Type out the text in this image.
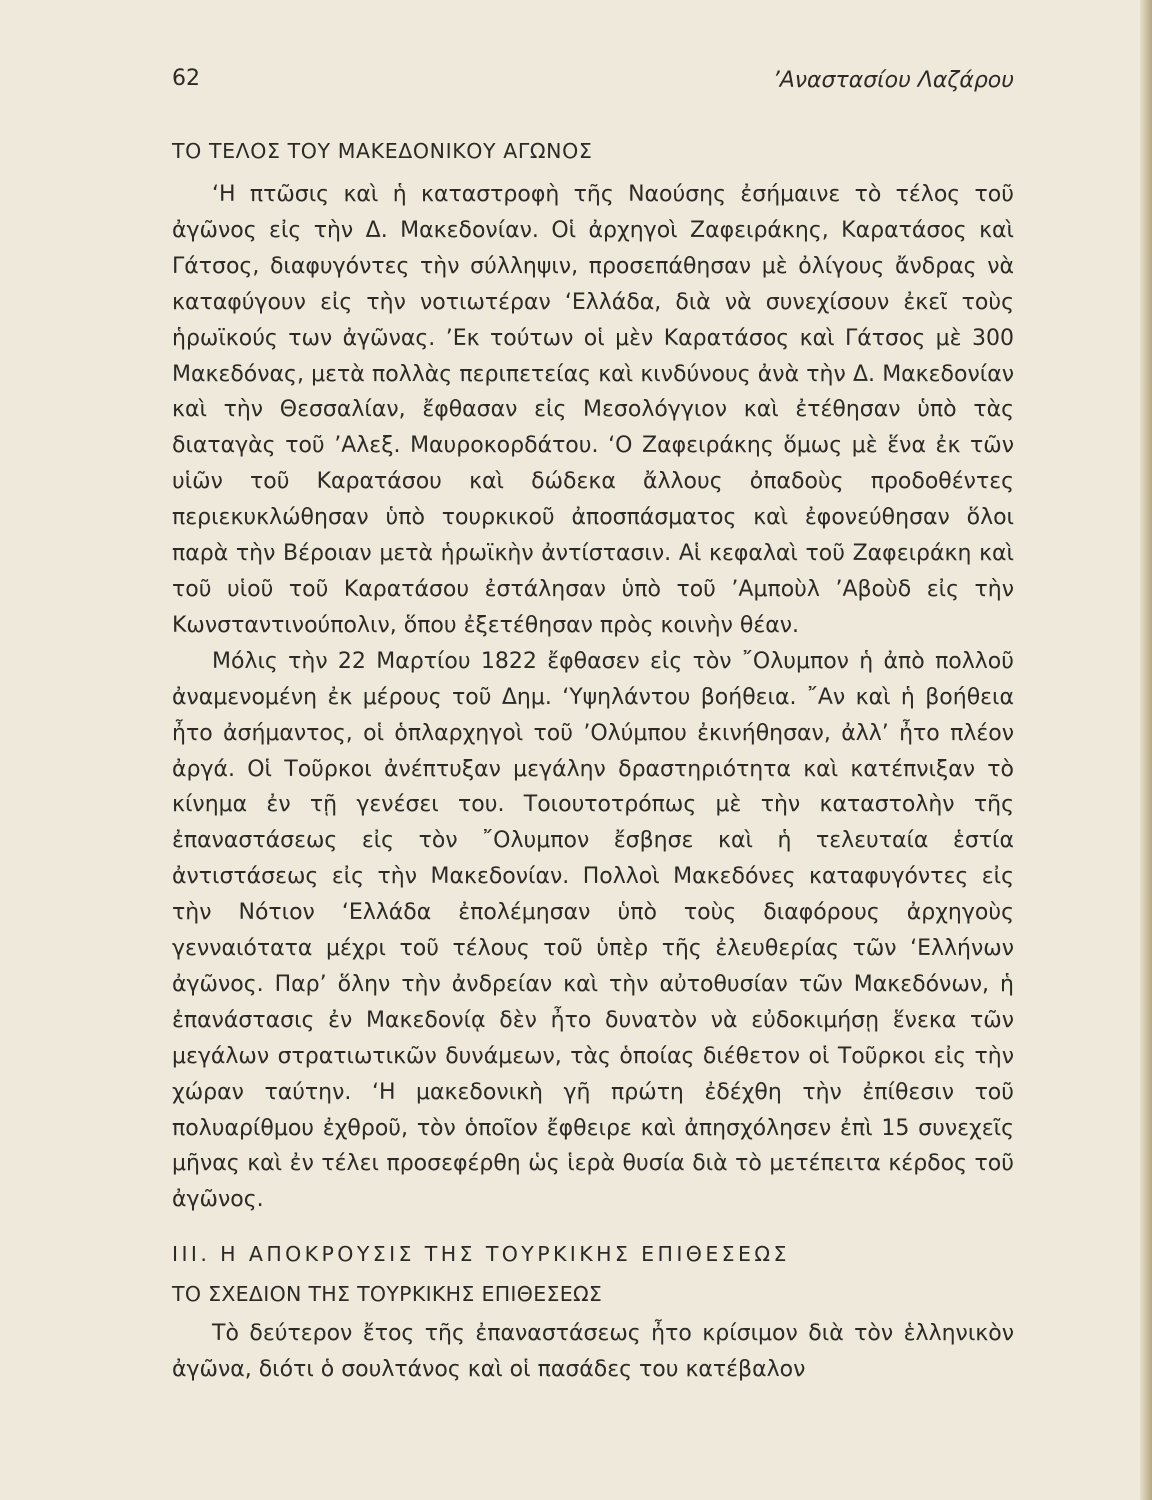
62	’Αναστασίου Λαζάρου
ΤΟ ΤΕΛΟΣ ΤΟΥ ΜΑΚΕΔΟΝΙΚΟΥ ΑΓΩΝΟΣ

‘Η πτῶσις καὶ ἡ καταστροφὴ τῆς Ναούσης ἐσήμαινε τὸ τέλος τοῦ ἀγῶνος εἰς τὴν Δ. Μακεδονίαν. Οἱ ἀρχηγοὶ Ζαφειράκης, Καρατάσος καὶ Γάτσος, διαφυγόντες τὴν σύλληψιν, προσεπάθησαν μὲ ὀλίγους ἄνδρας νὰ καταφύγουν εἰς τὴν νοτιωτέραν ‘Ελλάδα, διὰ νὰ συνεχίσουν ἐκεῖ τοὺς ἡρωϊκούς των ἀγῶνας. ’Εκ τούτων οἱ μὲν Καρατάσος καὶ Γάτσος μὲ 300 Μακεδόνας, μετὰ πολλὰς περιπετείας καὶ κινδύνους ἀνὰ τὴν Δ. Μακεδονίαν καὶ τὴν Θεσσαλίαν, ἔφθασαν εἰς Μεσολόγγιον καὶ ἐτέθησαν ὑπὸ τὰς διαταγὰς τοῦ ’Αλεξ. Μαυροκορδάτου. ‘Ο Ζαφειράκης ὅμως μὲ ἕνα ἐκ τῶν υἱῶν τοῦ Καρατάσου καὶ δώδεκα ἄλλους ὀπαδοὺς προδοθέντες περιεκυκλώθησαν ὑπὸ τουρκικοῦ ἀποσπάσματος καὶ ἐφονεύθησαν ὅλοι παρὰ τὴν Βέροιαν μετὰ ἡρωϊκὴν ἀντίστασιν. Αἱ κεφαλαὶ τοῦ Ζαφειράκη καὶ τοῦ υἱοῦ τοῦ Καρατάσου ἐστάλησαν ὑπὸ τοῦ ’Αμποὺλ ’Αβοὺδ εἰς τὴν Κωνσταντινούπολιν, ὅπου ἐξετέθησαν πρὸς κοινὴν θέαν.

Μόλις τὴν 22 Μαρτίου 1822 ἔφθασεν εἰς τὸν ῎Ολυμπον ἡ ἀπὸ πολλοῦ ἀναμενομένη ἐκ μέρους τοῦ Δημ. ‘Υψηλάντου βοήθεια. ῎Αν καὶ ἡ βοήθεια ἦτο ἀσήμαντος, οἱ ὁπλαρχηγοὶ τοῦ ’Ολύμπου ἐκινήθησαν, ἀλλ’ ἦτο πλέον ἀργά. Οἱ Τοῦρκοι ἀνέπτυξαν μεγάλην δραστηριότητα καὶ κατέπνιξαν τὸ κίνημα ἐν τῇ γενέσει του. Τοιουτοτρόπως μὲ τὴν καταστολὴν τῆς ἐπαναστάσεως εἰς τὸν ῎Ολυμπον ἔσβησε καὶ ἡ τελευταία ἑστία ἀντιστάσεως εἰς τὴν Μακεδονίαν. Πολλοὶ Μακεδόνες καταφυγόντες εἰς τὴν Νότιον ‘Ελλάδα ἐπολέμησαν ὑπὸ τοὺς διαφόρους ἀρχηγοὺς γενναιότατα μέχρι τοῦ τέλους τοῦ ὑπὲρ τῆς ἐλευθερίας τῶν ‘Ελλήνων ἀγῶνος. Παρ’ ὅλην τὴν ἀνδρείαν καὶ τὴν αὐτοθυσίαν τῶν Μακεδόνων, ἡ ἐπανάστασις ἐν Μακεδονίᾳ δὲν ἦτο δυνατὸν νὰ εὐδοκιμήσῃ ἕνεκα τῶν μεγάλων στρατιωτικῶν δυνάμεων, τὰς ὁποίας διέθετον οἱ Τοῦρκοι εἰς τὴν χώραν ταύτην. ‘Η μακεδονικὴ γῆ πρώτη ἐδέχθη τὴν ἐπίθεσιν τοῦ πολυαρίθμου ἐχθροῦ, τὸν ὁποῖον ἔφθειρε καὶ ἀπησχόλησεν ἐπὶ 15 συνεχεῖς μῆνας καὶ ἐν τέλει προσεφέρθη ὡς ἱερὰ θυσία διὰ τὸ μετέπειτα κέρδος τοῦ ἀγῶνος.

ΙΙΙ. Η ΑΠΟΚΡΟΥΣΙΣ ΤΗΣ ΤΟΥΡΚΙΚΗΣ ΕΠΙΘΕΣΕΩΣ
ΤΟ ΣΧΕΔΙΟΝ ΤΗΣ ΤΟΥΡΚΙΚΗΣ ΕΠΙΘΕΣΕΩΣ

Τὸ δεύτερον ἔτος τῆς ἐπαναστάσεως ἦτο κρίσιμον διὰ τὸν ἑλληνικὸν ἀγῶνα, διότι ὁ σουλτάνος καὶ οἱ πασάδες του κατέβαλον
